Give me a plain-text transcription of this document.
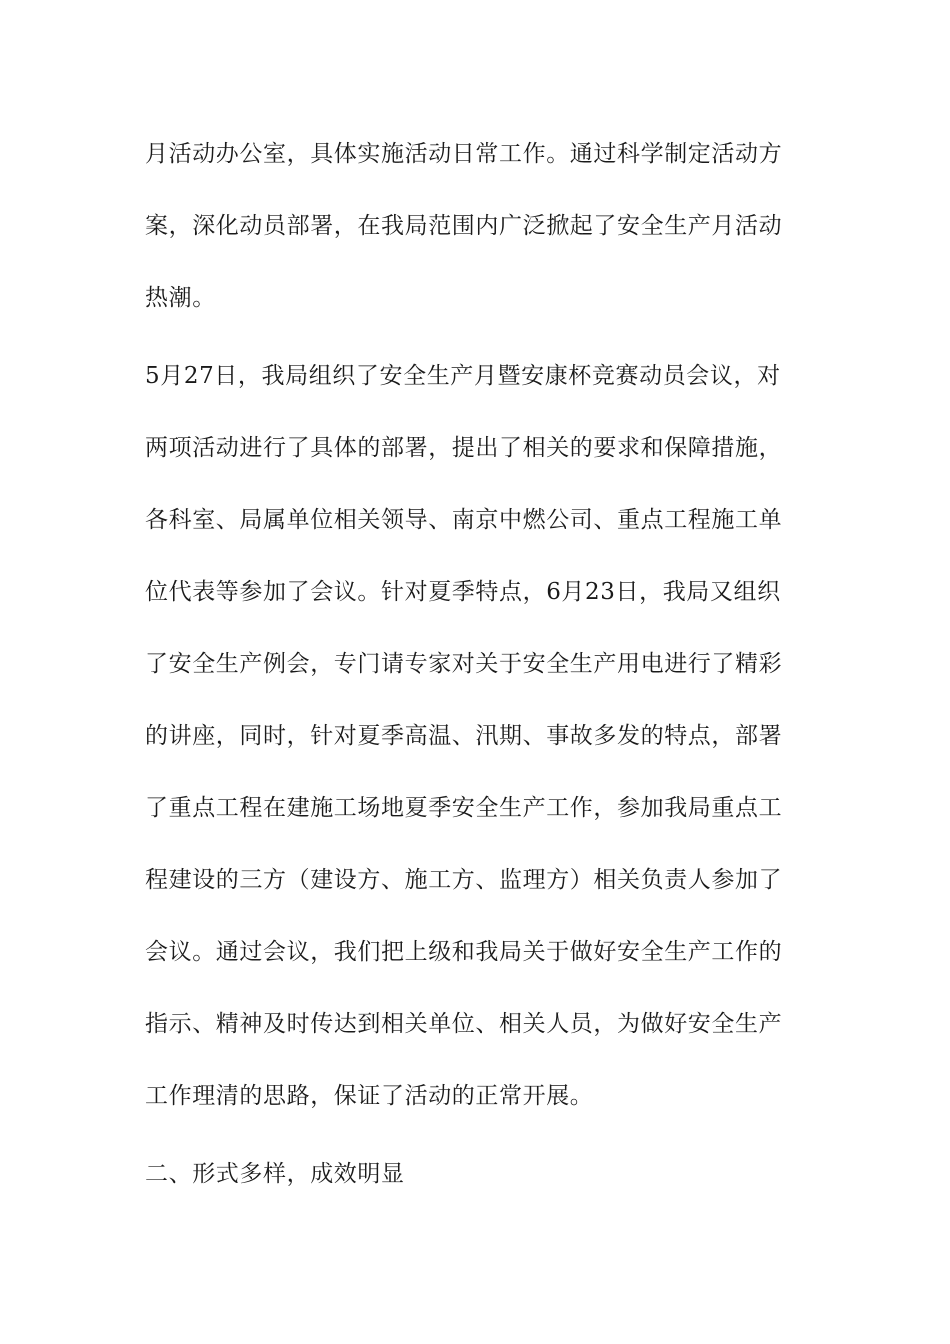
月活动办公室，具体实施活动日常工作。通过科学制定活动方
案，深化动员部署，在我局范围内广泛掀起了安全生产月活动
热潮。
5月27日，我局组织了安全生产月暨安康杯竞赛动员会议，对
两项活动进行了具体的部署，提出了相关的要求和保障措施，
各科室、局属单位相关领导、南京中燃公司、重点工程施工单
位代表等参加了会议。针对夏季特点，6月23日，我局又组织
了安全生产例会，专门请专家对关于安全生产用电进行了精彩
的讲座，同时，针对夏季高温、汛期、事故多发的特点，部署
了重点工程在建施工场地夏季安全生产工作，参加我局重点工
程建设的三方（建设方、施工方、监理方）相关负责人参加了
会议。通过会议，我们把上级和我局关于做好安全生产工作的
指示、精神及时传达到相关单位、相关人员，为做好安全生产
工作理清的思路，保证了活动的正常开展。
二、形式多样，成效明显
